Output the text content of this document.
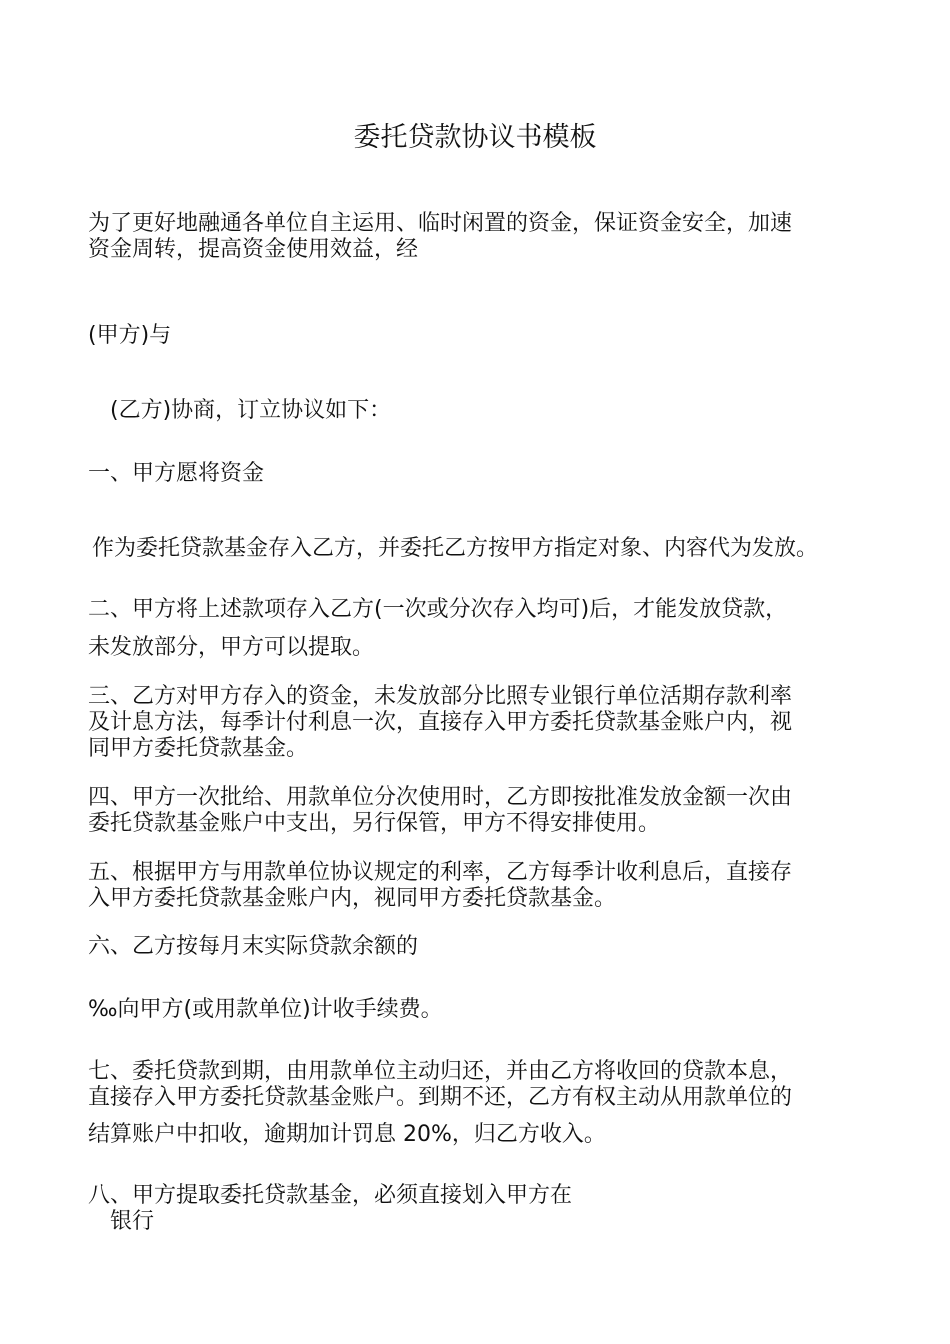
委托贷款协议书模板

为了更好地融通各单位自主运用、临时闲置的资金，保证资金安全，加速

资金周转，提高资金使用效益，经

(甲方)与

(乙方)协商，订立协议如下：

一、甲方愿将资金

作为委托贷款基金存入乙方，并委托乙方按甲方指定对象、内容代为发放。

二、甲方将上述款项存入乙方(一次或分次存入均可)后，才能发放贷款，

未发放部分，甲方可以提取。

三、乙方对甲方存入的资金，未发放部分比照专业银行单位活期存款利率

及计息方法，每季计付利息一次，直接存入甲方委托贷款基金账户内，视

同甲方委托贷款基金。

四、甲方一次批给、用款单位分次使用时，乙方即按批准发放金额一次由

委托贷款基金账户中支出，另行保管，甲方不得安排使用。

五、根据甲方与用款单位协议规定的利率，乙方每季计收利息后，直接存

入甲方委托贷款基金账户内，视同甲方委托贷款基金。

六、乙方按每月末实际贷款余额的

‰向甲方(或用款单位)计收手续费。

七、委托贷款到期，由用款单位主动归还，并由乙方将收回的贷款本息，

直接存入甲方委托贷款基金账户。到期不还，乙方有权主动从用款单位的

结算账户中扣收，逾期加计罚息 20%，归乙方收入。

八、甲方提取委托贷款基金，必须直接划入甲方在

银行
